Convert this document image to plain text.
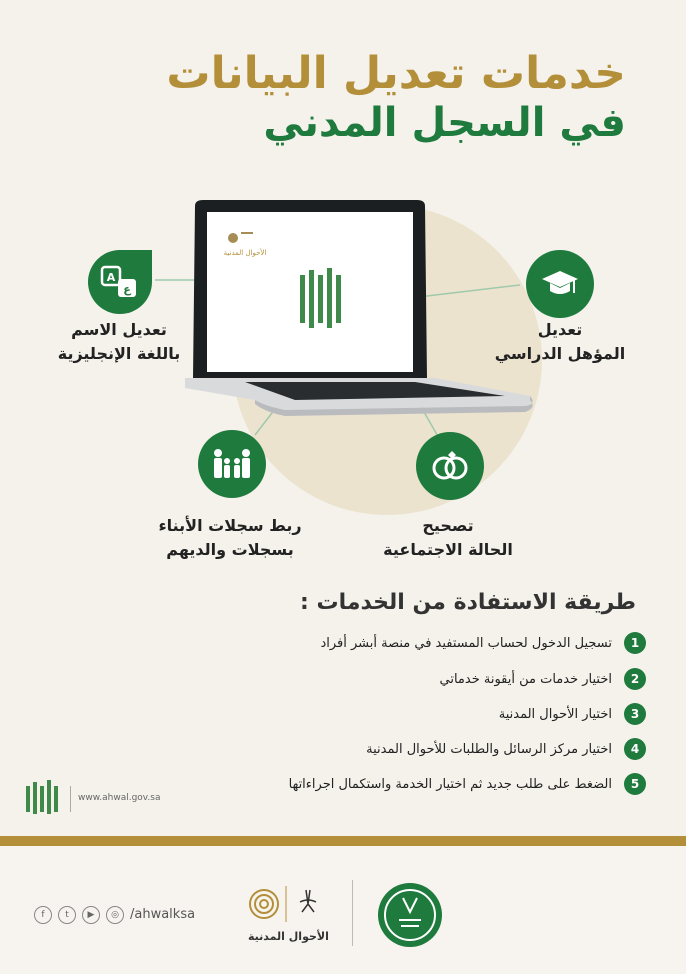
خدمات تعديل البيانات
في السجل المدني
الأحوال المدنية
A
ع
تعديل الاسم
باللغة الإنجليزية
تعديل
المؤهل الدراسي
ربط سجلات الأبناء
بسجلات والديهم
تصحيح
الحالة الاجتماعية
طريقة الاستفادة من الخدمات :
1
تسجيل الدخول لحساب المستفيد في منصة أبشر أفراد
2
اختيار خدمات من أيقونة خدماتي
3
اختيار الأحوال المدنية
4
اختيار مركز الرسائل والطلبات للأحوال المدنية
5
الضغط على طلب جديد ثم اختيار الخدمة واستكمال اجراءاتها
www.ahwal.gov.sa
f	t	▶	◎ /ahwalksa
الأحوال المدنية
